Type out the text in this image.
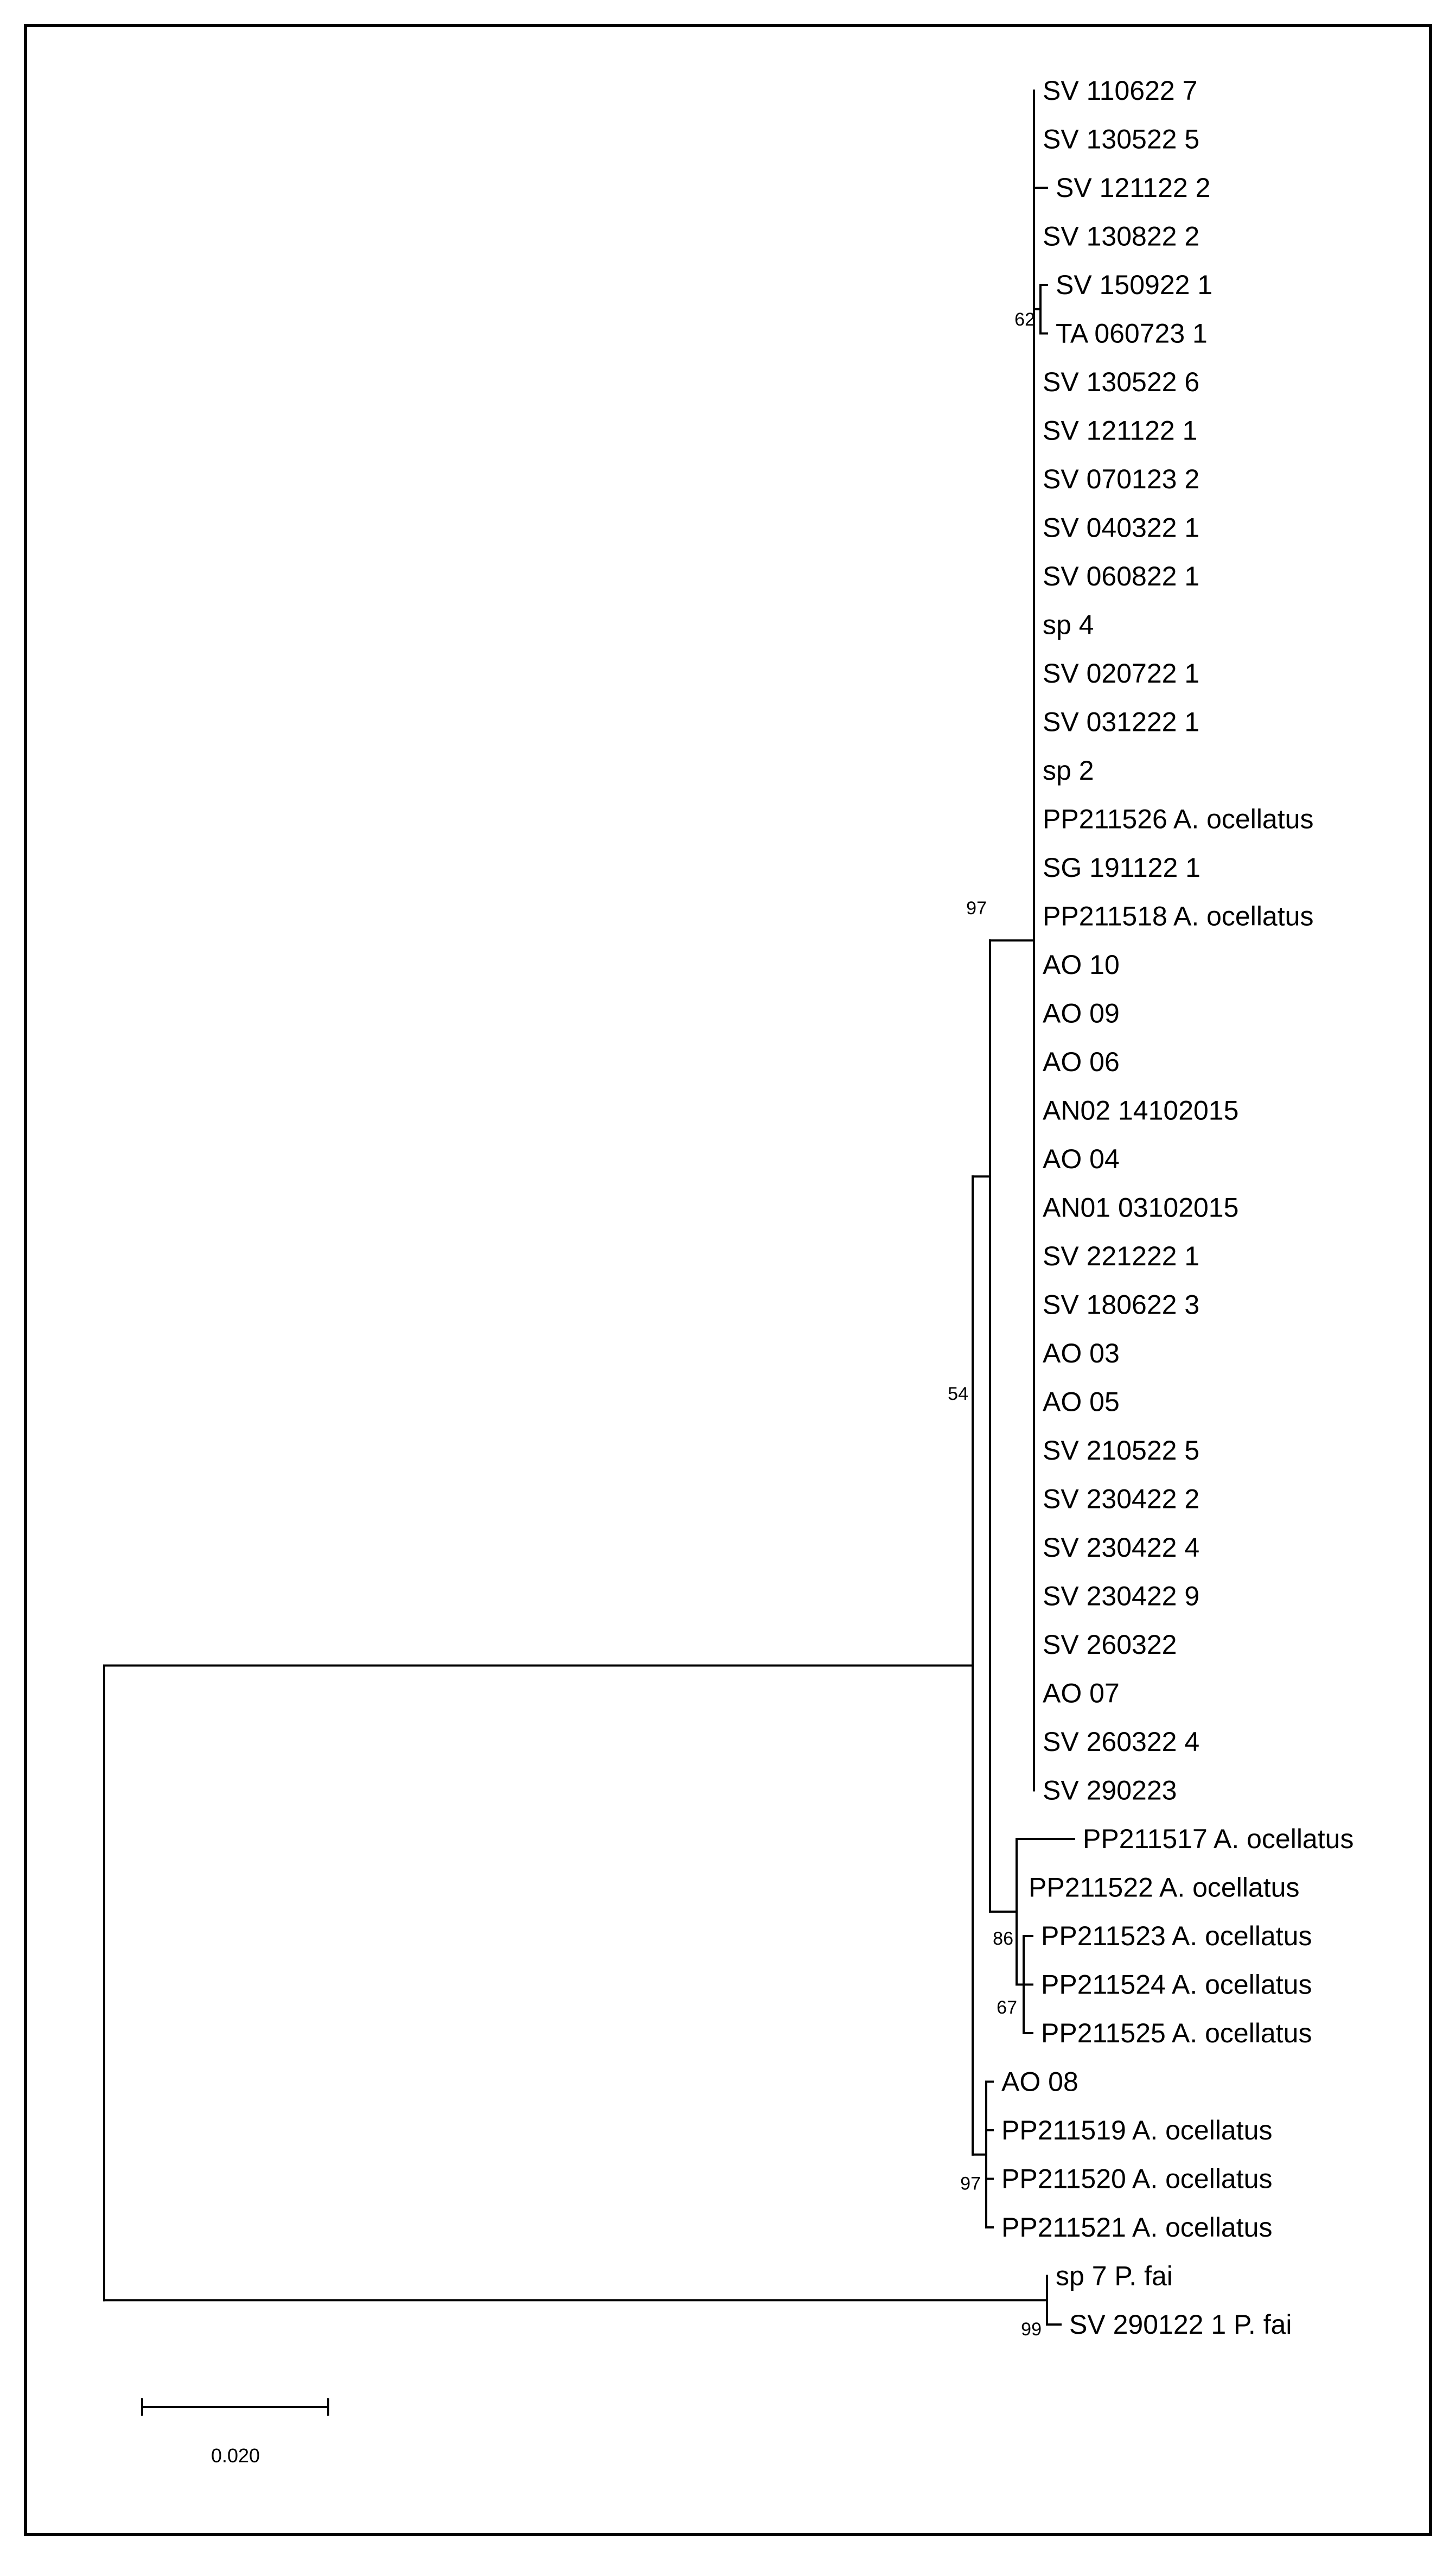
SV 110622 7
SV 130522 5
SV 121122 2
SV 130822 2
SV 150922 1
TA 060723 1
SV 130522 6
SV 121122 1
SV 070123 2
SV 040322 1
SV 060822 1
sp 4
SV 020722 1
SV 031222 1
sp 2
PP211526 A. ocellatus
SG 191122 1
PP211518 A. ocellatus
AO 10
AO 09
AO 06
AN02 14102015
AO 04
AN01 03102015
SV 221222 1
SV 180622 3
AO 03
AO 05
SV 210522 5
SV 230422 2
SV 230422 4
SV 230422 9
SV 260322
AO 07
SV 260322 4
SV 290223
PP211517 A. ocellatus
PP211522 A. ocellatus
PP211523 A. ocellatus
PP211524 A. ocellatus
PP211525 A. ocellatus
AO 08
PP211519 A. ocellatus
PP211520 A. ocellatus
PP211521 A. ocellatus
sp 7 P. fai
SV 290122 1 P. fai
62
97
54
86
67
97
99
0.020
